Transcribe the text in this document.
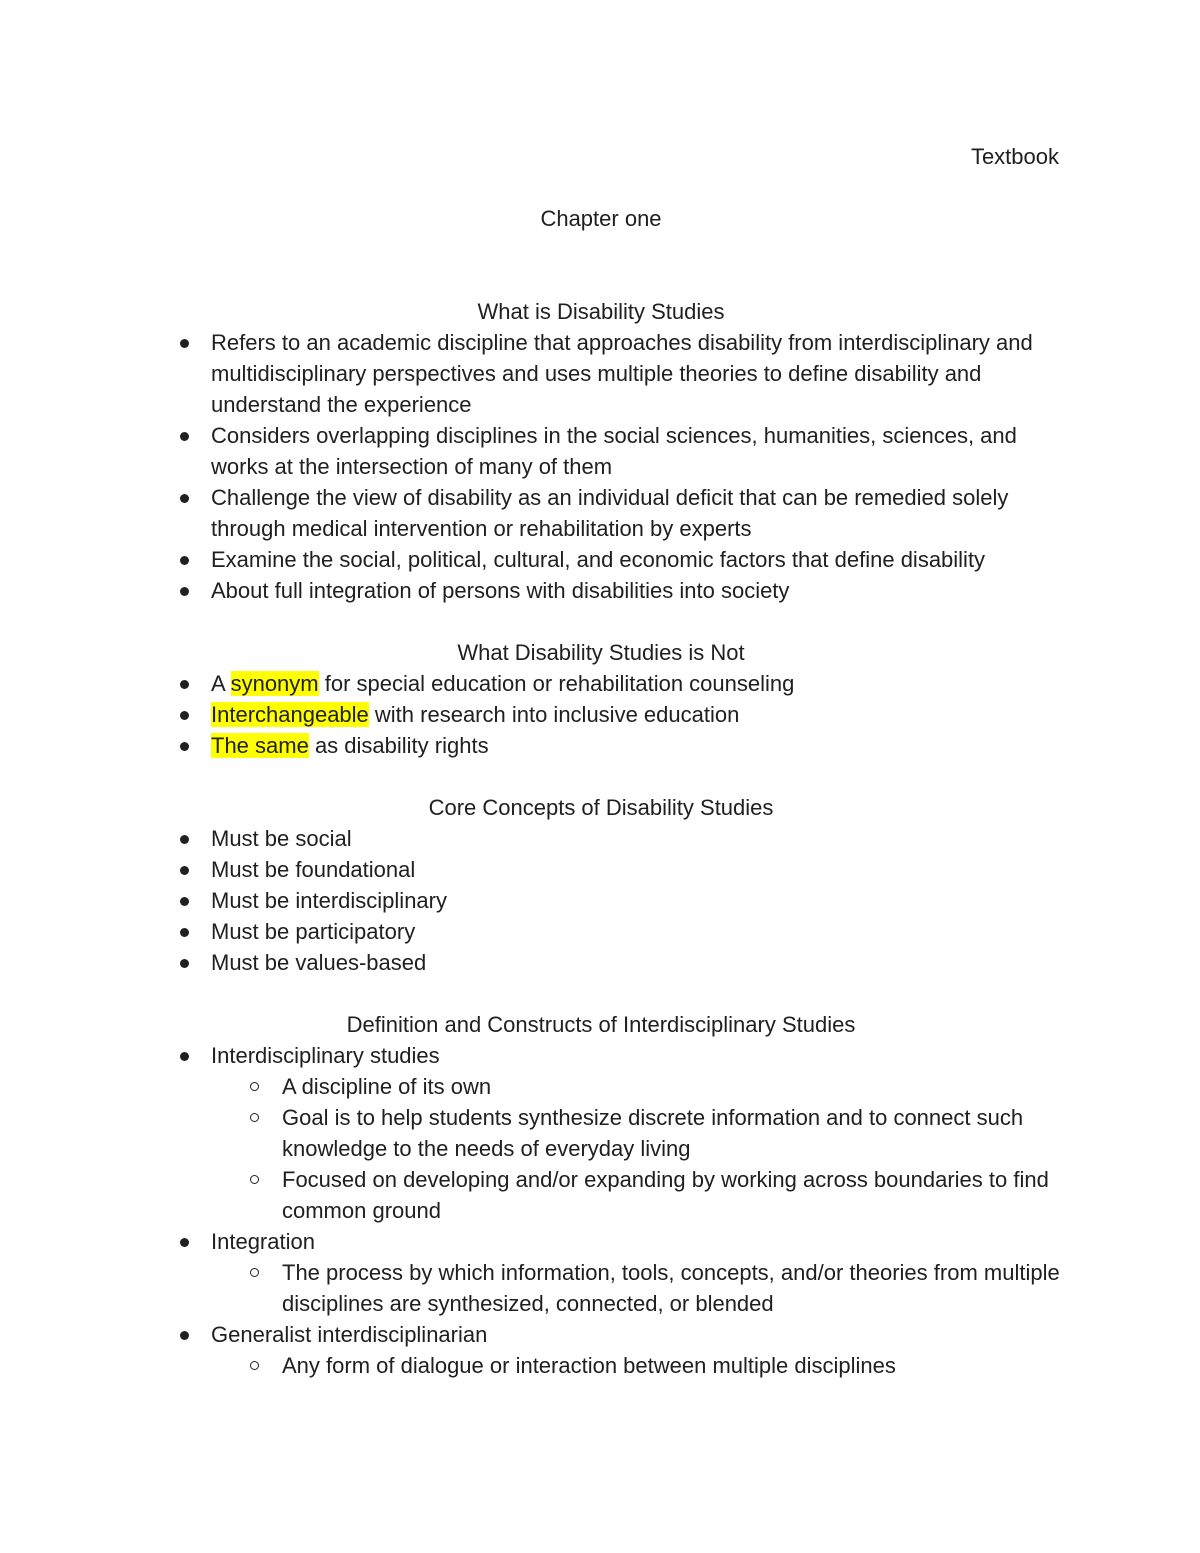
Textbook

Chapter one

What is Disability Studies

Refers to an academic discipline that approaches disability from interdisciplinary and multidisciplinary perspectives and uses multiple theories to define disability and understand the experience
Considers overlapping disciplines in the social sciences, humanities, sciences, and works at the intersection of many of them
Challenge the view of disability as an individual deficit that can be remedied solely through medical intervention or rehabilitation by experts
Examine the social, political, cultural, and economic factors that define disability
About full integration of persons with disabilities into society

What Disability Studies is Not

A synonym for special education or rehabilitation counseling
Interchangeable with research into inclusive education
The same as disability rights

Core Concepts of Disability Studies

Must be social
Must be foundational
Must be interdisciplinary
Must be participatory
Must be values-based

Definition and Constructs of Interdisciplinary Studies

Interdisciplinary studies
A discipline of its own
Goal is to help students synthesize discrete information and to connect such knowledge to the needs of everyday living
Focused on developing and/or expanding by working across boundaries to find common ground
Integration
The process by which information, tools, concepts, and/or theories from multiple disciplines are synthesized, connected, or blended
Generalist interdisciplinarian
Any form of dialogue or interaction between multiple disciplines
